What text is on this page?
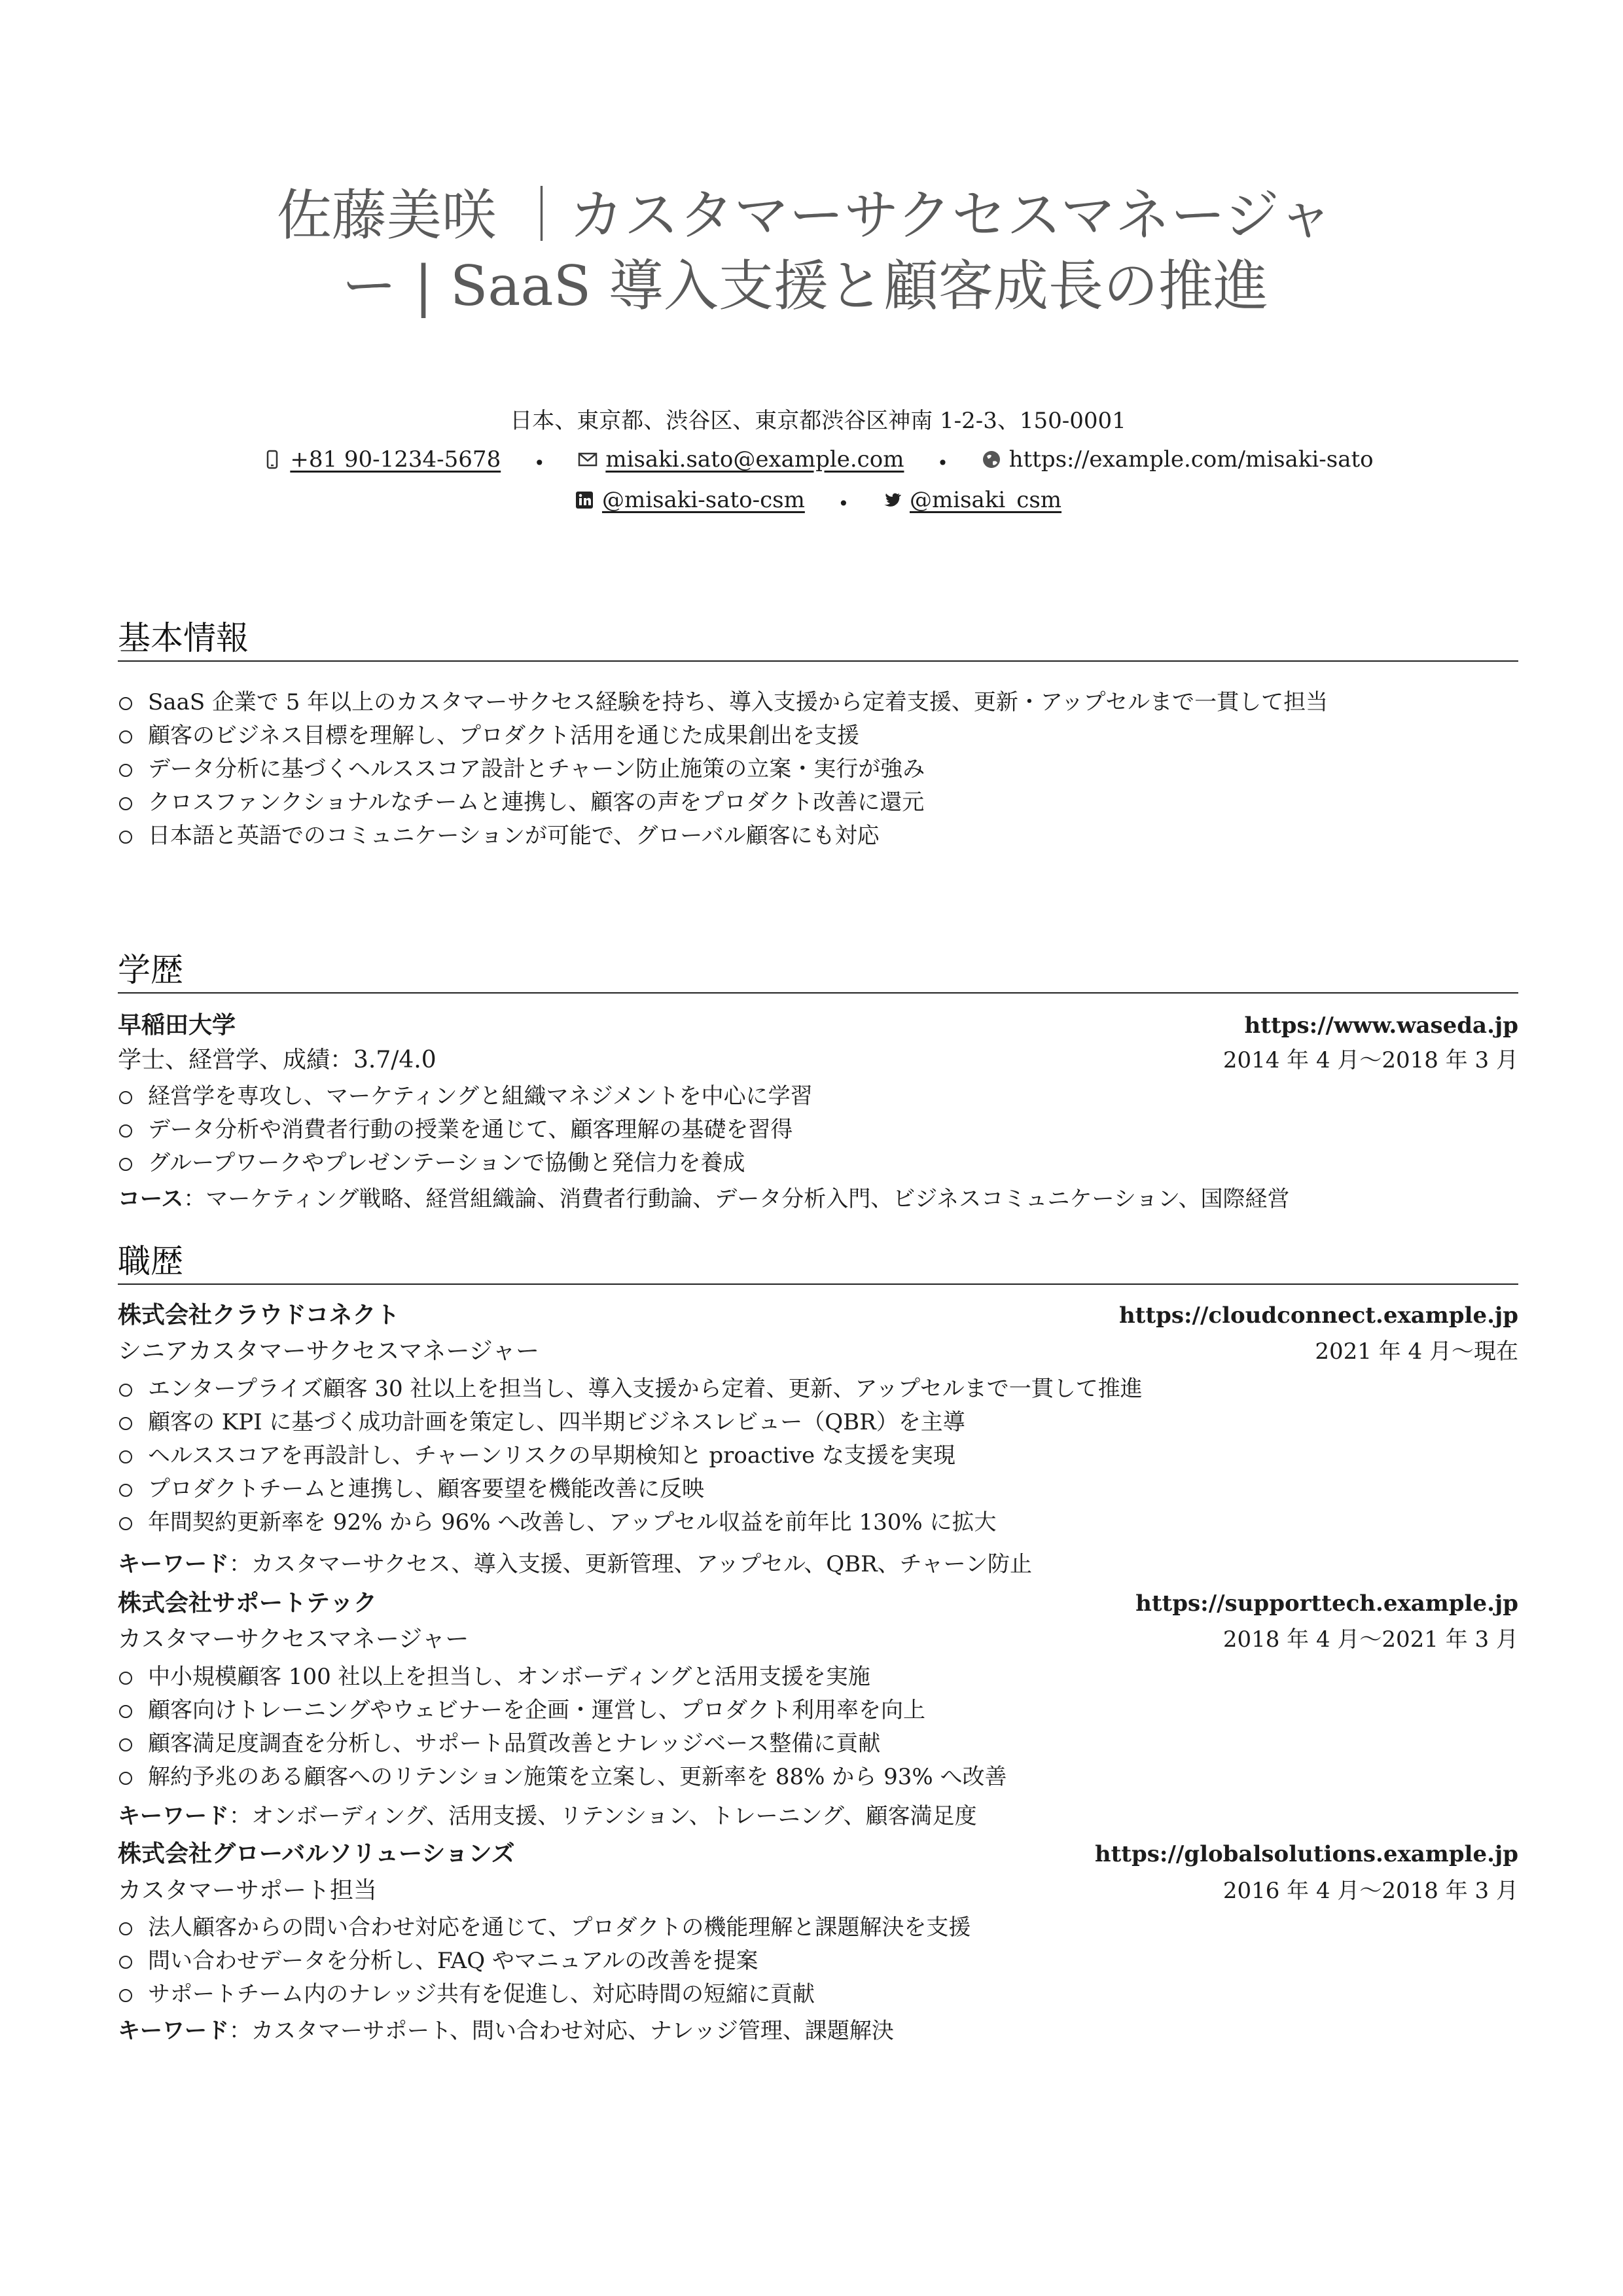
佐藤美咲 ｜カスタマーサクセスマネージャー | SaaS 導入支援と顧客成長の推進
日本、東京都、渋谷区、東京都渋谷区神南 1-2-3、150-0001
+81 90-1234-5678 •	misaki.sato@example.com •	https://example.com/misaki-sato
@misaki-sato-csm •	@misaki_csm
基本情報
SaaS 企業で 5 年以上のカスタマーサクセス経験を持ち、導入支援から定着支援、更新・アップセルまで一貫して担当
顧客のビジネス目標を理解し、プロダクト活用を通じた成果創出を支援
データ分析に基づくヘルススコア設計とチャーン防止施策の立案・実行が強み
クロスファンクショナルなチームと連携し、顧客の声をプロダクト改善に還元
日本語と英語でのコミュニケーションが可能で、グローバル顧客にも対応
学歴
早稲田大学	https://www.waseda.jp
学士、経営学、成績：3.7/4.0	2014 年 4 月～2018 年 3 月
経営学を専攻し、マーケティングと組織マネジメントを中心に学習
データ分析や消費者行動の授業を通じて、顧客理解の基礎を習得
グループワークやプレゼンテーションで協働と発信力を養成
コース：マーケティング戦略、経営組織論、消費者行動論、データ分析入門、ビジネスコミュニケーション、国際経営
職歴
株式会社クラウドコネクト	https://cloudconnect.example.jp
シニアカスタマーサクセスマネージャー	2021 年 4 月～現在
エンタープライズ顧客 30 社以上を担当し、導入支援から定着、更新、アップセルまで一貫して推進
顧客の KPI に基づく成功計画を策定し、四半期ビジネスレビュー（QBR）を主導
ヘルススコアを再設計し、チャーンリスクの早期検知と proactive な支援を実現
プロダクトチームと連携し、顧客要望を機能改善に反映
年間契約更新率を 92% から 96% へ改善し、アップセル収益を前年比 130% に拡大
キーワード：カスタマーサクセス、導入支援、更新管理、アップセル、QBR、チャーン防止
株式会社サポートテック	https://supporttech.example.jp
カスタマーサクセスマネージャー	2018 年 4 月～2021 年 3 月
中小規模顧客 100 社以上を担当し、オンボーディングと活用支援を実施
顧客向けトレーニングやウェビナーを企画・運営し、プロダクト利用率を向上
顧客満足度調査を分析し、サポート品質改善とナレッジベース整備に貢献
解約予兆のある顧客へのリテンション施策を立案し、更新率を 88% から 93% へ改善
キーワード：オンボーディング、活用支援、リテンション、トレーニング、顧客満足度
株式会社グローバルソリューションズ	https://globalsolutions.example.jp
カスタマーサポート担当	2016 年 4 月～2018 年 3 月
法人顧客からの問い合わせ対応を通じて、プロダクトの機能理解と課題解決を支援
問い合わせデータを分析し、FAQ やマニュアルの改善を提案
サポートチーム内のナレッジ共有を促進し、対応時間の短縮に貢献
キーワード：カスタマーサポート、問い合わせ対応、ナレッジ管理、課題解決
